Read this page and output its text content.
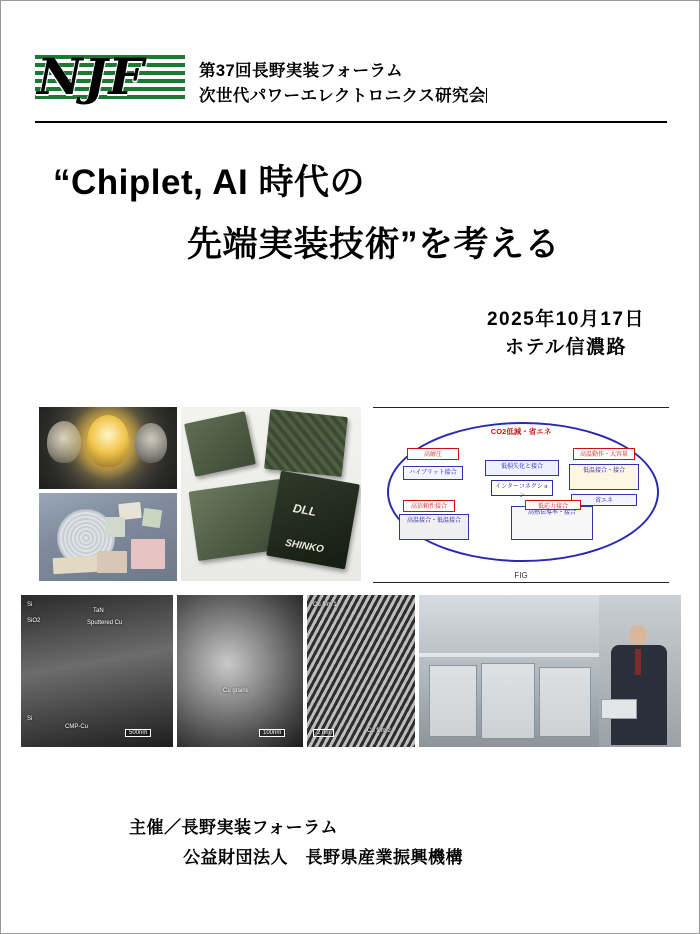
NJF	第37回長野実装フォーラム
次世代パワーエレクトロニクス研究会
“Chiplet, AI 時代の
先端実装技術”を考える
2025年10月17日
ホテル信濃路
DLL
SHINKO
CO2低減・省エネ
高耐圧
ハイブリット接合
低損失化と接合
インターコネクション
高温動作・大容量
低温接合・接合
省エネ
高信頼性接合
高温接合・低温接合
高熱伝導率・接合
低応力接合
FIG
Si
SiO2
TaN
Sputtered Cu
CMP-Cu
Si
500nm
Cu grains
100nm
Cu film 1
Cu film 2
2 nm
主催／長野実装フォーラム
公益財団法人　長野県産業振興機構
